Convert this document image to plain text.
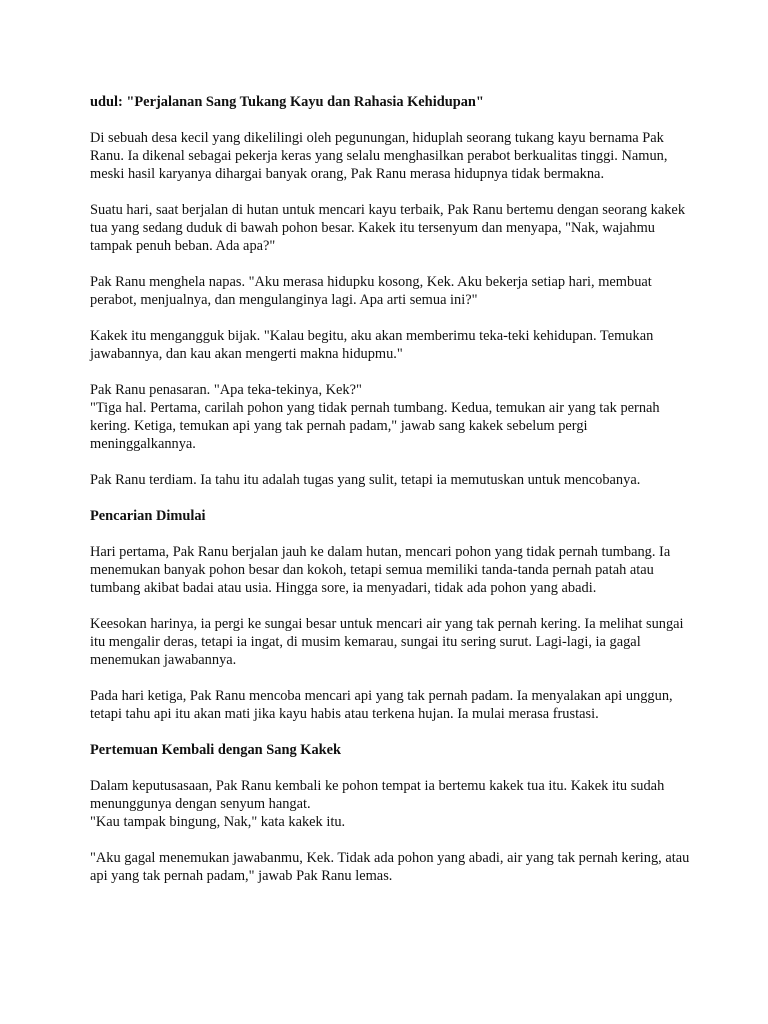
udul: "Perjalanan Sang Tukang Kayu dan Rahasia Kehidupan"

Di sebuah desa kecil yang dikelilingi oleh pegunungan, hiduplah seorang tukang kayu bernama Pak Ranu. Ia dikenal sebagai pekerja keras yang selalu menghasilkan perabot berkualitas tinggi. Namun, meski hasil karyanya dihargai banyak orang, Pak Ranu merasa hidupnya tidak bermakna.

Suatu hari, saat berjalan di hutan untuk mencari kayu terbaik, Pak Ranu bertemu dengan seorang kakek tua yang sedang duduk di bawah pohon besar. Kakek itu tersenyum dan menyapa, "Nak, wajahmu tampak penuh beban. Ada apa?"

Pak Ranu menghela napas. "Aku merasa hidupku kosong, Kek. Aku bekerja setiap hari, membuat perabot, menjualnya, dan mengulanginya lagi. Apa arti semua ini?"

Kakek itu mengangguk bijak. "Kalau begitu, aku akan memberimu teka-teki kehidupan. Temukan jawabannya, dan kau akan mengerti makna hidupmu."

Pak Ranu penasaran. "Apa teka-tekinya, Kek?"

"Tiga hal. Pertama, carilah pohon yang tidak pernah tumbang. Kedua, temukan air yang tak pernah kering. Ketiga, temukan api yang tak pernah padam," jawab sang kakek sebelum pergi meninggalkannya.

Pak Ranu terdiam. Ia tahu itu adalah tugas yang sulit, tetapi ia memutuskan untuk mencobanya.

Pencarian Dimulai

Hari pertama, Pak Ranu berjalan jauh ke dalam hutan, mencari pohon yang tidak pernah tumbang. Ia menemukan banyak pohon besar dan kokoh, tetapi semua memiliki tanda-tanda pernah patah atau tumbang akibat badai atau usia. Hingga sore, ia menyadari, tidak ada pohon yang abadi.

Keesokan harinya, ia pergi ke sungai besar untuk mencari air yang tak pernah kering. Ia melihat sungai itu mengalir deras, tetapi ia ingat, di musim kemarau, sungai itu sering surut. Lagi-lagi, ia gagal menemukan jawabannya.

Pada hari ketiga, Pak Ranu mencoba mencari api yang tak pernah padam. Ia menyalakan api unggun, tetapi tahu api itu akan mati jika kayu habis atau terkena hujan. Ia mulai merasa frustasi.

Pertemuan Kembali dengan Sang Kakek

Dalam keputusasaan, Pak Ranu kembali ke pohon tempat ia bertemu kakek tua itu. Kakek itu sudah menunggunya dengan senyum hangat.

"Kau tampak bingung, Nak," kata kakek itu.

"Aku gagal menemukan jawabanmu, Kek. Tidak ada pohon yang abadi, air yang tak pernah kering, atau api yang tak pernah padam," jawab Pak Ranu lemas.
